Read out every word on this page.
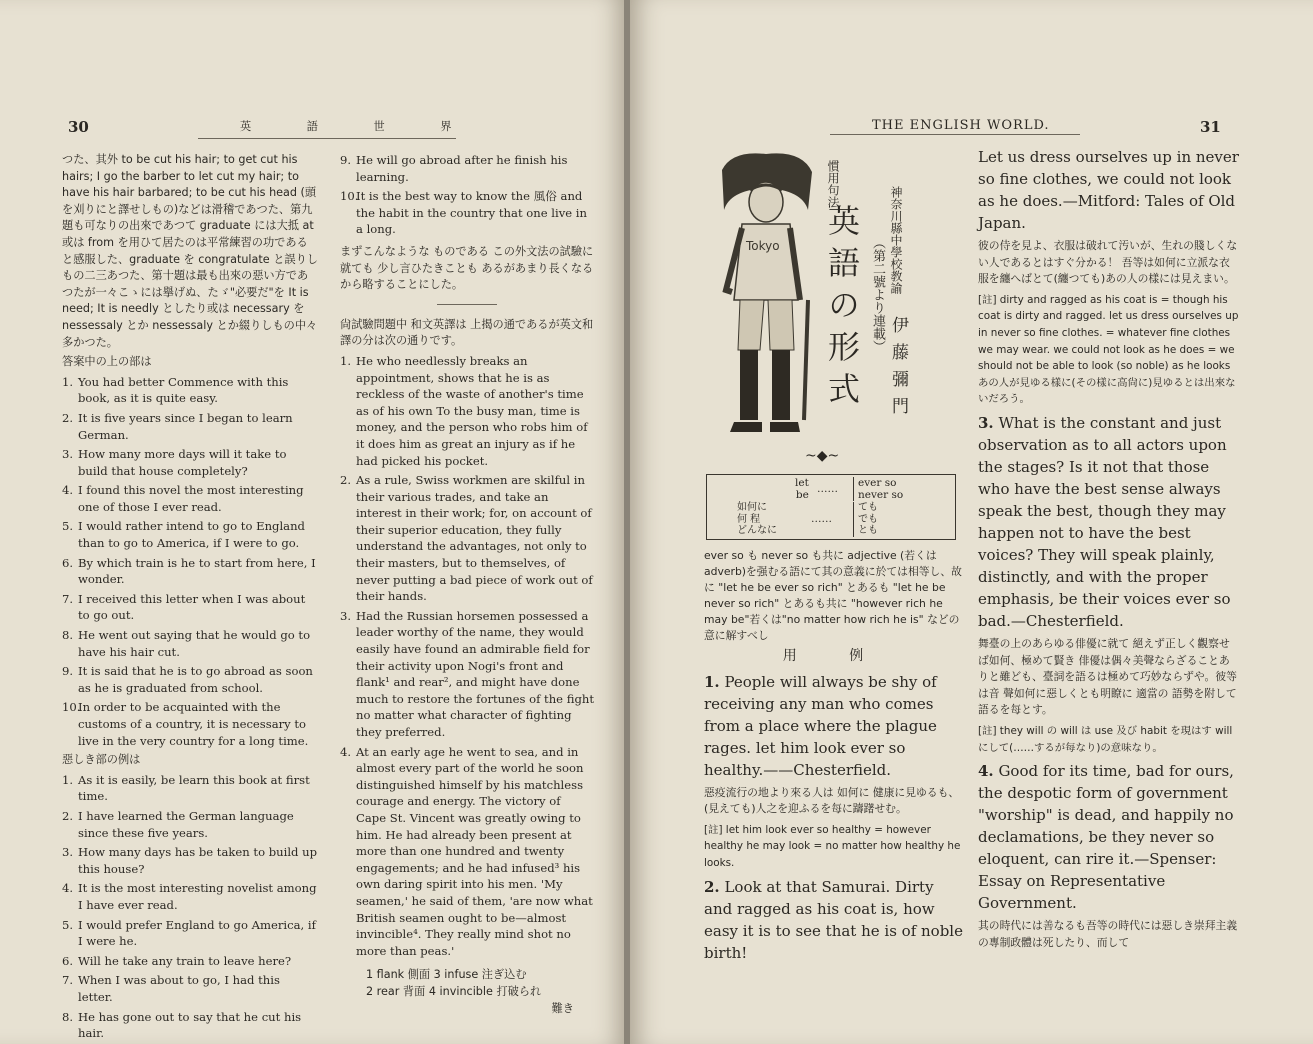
30	英 語 世 界

つた、其外 to be cut his hair; to get cut his hairs; I go the barber to let cut my hair; to have his hair barbared; to be cut his head (頭を刈りにと譯せしもの)などは滑稽であつた、第九題も可なりの出來であつて graduate には大抵 at 或は from を用ひて居たのは平常練習の功であると感服した、graduate を congratulate と誤りしもの二三あつた、第十題は最も出來の惡い方であつたが一々こゝには擧げぬ、たゞ"必要だ"を It is need; It is needly としたり或は necessary を nessessaly とか nessessaly とか綴りしもの中々多かつた。

答案中の上の部は

1. You had better Commence with this book, as it is quite easy.

2. It is five years since I began to learn German.

3. How many more days will it take to build that house completely?

4. I found this novel the most interesting one of those I ever read.

5. I would rather intend to go to England than to go to America, if I were to go.

6. By which train is he to start from here, I wonder.

7. I received this letter when I was about to go out.

8. He went out saying that he would go to have his hair cut.

9. It is said that he is to go abroad as soon as he is graduated from school.

10.In order to be acquainted with the customs of a country, it is necessary to live in the very country for a long time.

惡しき部の例は

1. As it is easily, be learn this book at first time.

2. I have learned the German language since these five years.

3. How many days has be taken to build up this house?

4. It is the most interesting novelist among I have ever read.

5. I would prefer England to go America, if I were he.

6. Will he take any train to leave here?

7. When I was about to go, I had this letter.

8. He has gone out to say that he cut his hair.

9. He will go abroad after he finish his learning.

10.It is the best way to know the 風俗 and the habit in the country that one live in a long.

まずこんなような ものである この外文法の試驗に就ても 少し言ひたきことも あるがあまり長くなるから略することにした。

尙試驗問題中 和文英譯は 上揭の通であるが英文和譯の分は次の通りです。

1. He who needlessly breaks an appointment, shows that he is as reckless of the waste of another's time as of his own To the busy man, time is money, and the person who robs him of it does him as great an injury as if he had picked his pocket.

2. As a rule, Swiss workmen are skilful in their various trades, and take an interest in their work; for, on account of their superior education, they fully understand the advantages, not only to their masters, but to themselves, of never putting a bad piece of work out of their hands.

3. Had the Russian horsemen possessed a leader worthy of the name, they would easily have found an admirable field for their activity upon Nogi's front and flank¹ and rear², and might have done much to restore the fortunes of the fight no matter what character of fighting they preferred.

4. At an early age he went to sea, and in almost every part of the world he soon distinguished himself by his matchless courage and energy. The victory of Cape St. Vincent was greatly owing to him. He had already been present at more than one hundred and twenty engagements; and he had infused³ his own daring spirit into his men. 'My seamen,' he said of them, 'are now what British seamen ought to be—almost invincible⁴. They really mind shot no more than peas.'

1 flank 側面 3 infuse 注ぎ込む
2 rear 背面 4 invincible 打破られ
難き
THE ENGLISH WORLD.	31
Tokyo
慣用句法
英語の形式 （第二號より連載） 神奈川縣中學校教諭
伊藤彌門
~◆~
let
be …… ever so
never so
如何に
何 程
どんなに
……
ても
でも
とも

ever so も never so も共に adjective (若くは adverb)を强むる語にて其の意義に於ては相等し、故に "let he be ever so rich" とあるも "let he be never so rich" とあるも共に "however rich he may be"若くは"no matter how rich he is" などの意に解すべし

用 例

1. People will always be shy of receiving any man who comes from a place where the plague rages. let him look ever so healthy.——Chesterfield.

惡疫流行の地より來る人は 如何に 健康に見ゆるも、(見えても)人之を迎ふるを每に躊躇せむ。

[註] let him look ever so healthy = however healthy he may look = no matter how healthy he looks.

2. Look at that Samurai. Dirty and ragged as his coat is, how easy it is to see that he is of noble birth!

Let us dress ourselves up in never so fine clothes, we could not look as he does.—Mitford: Tales of Old Japan.

彼の侍を見よ、衣服は破れて汚いが、生れの賤しくない人であるとはすぐ分かる！ 吾等は如何に立派な衣服を纏へばとて(纏つても)あの人の樣には見えまい。

[註] dirty and ragged as his coat is = though his coat is dirty and ragged. let us dress ourselves up in never so fine clothes. = whatever fine clothes we may wear. we could not look as he does = we should not be able to look (so noble) as he looks あの人が見ゆる樣に(その樣に高尙に)見ゆるとは出來ないだろう。

3. What is the constant and just observation as to all actors upon the stages? Is it not that those who have the best sense always speak the best, though they may happen not to have the best voices? They will speak plainly, distinctly, and with the proper emphasis, be their voices ever so bad.—Chesterfield.

舞臺の上のあらゆる俳優に就て 絕えず正しく觀察せば如何、極めて賢き 俳優は偶々美聲ならざることありと雖ども、臺詞を語るは極めて巧妙ならずや。彼等は音 聲如何に惡しくとも明瞭に 適當の 語勢を附して語るを每とす。

[註] they will の will は use 及び habit を現はす will にして(……するが每なり)の意味なり。

4. Good for its time, bad for ours, the despotic form of government "worship" is dead, and happily no declamations, be they never so eloquent, can rire it.—Spenser: Essay on Representative Government.

其の時代には善なるも吾等の時代には惡しき崇拜主義の專制政體は死したり、而して
